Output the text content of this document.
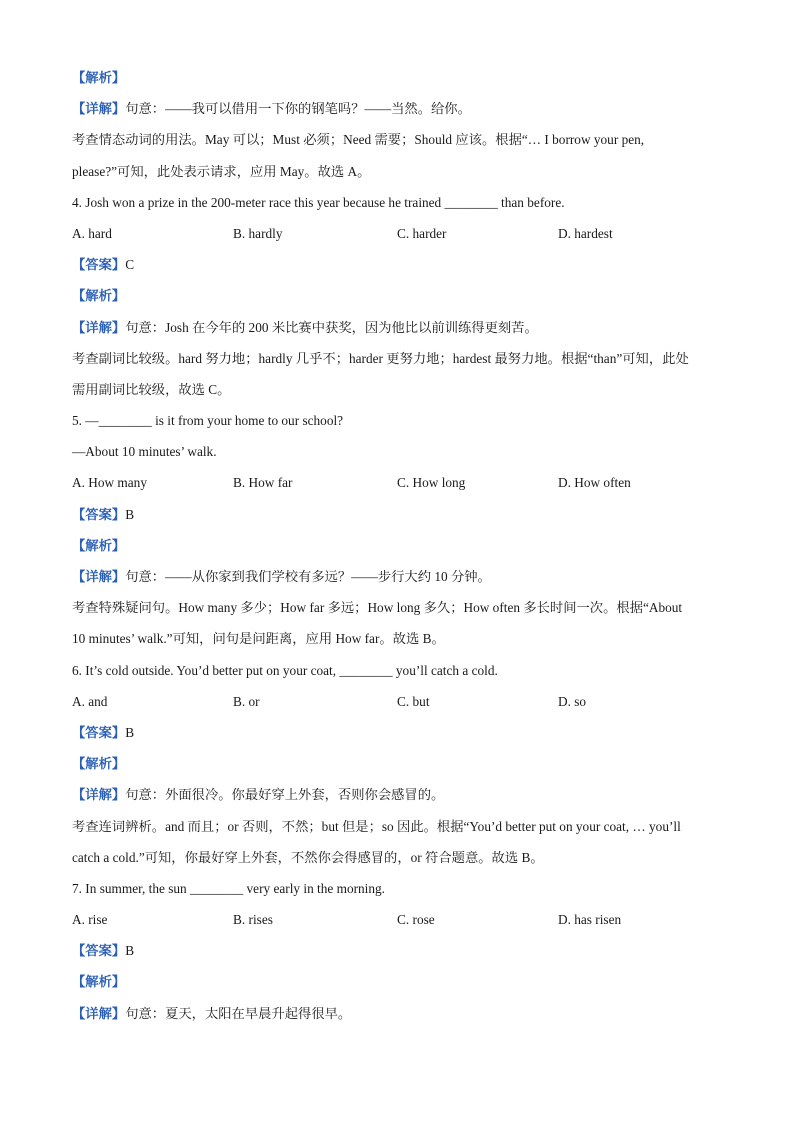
【解析】
【详解】句意：——我可以借用一下你的钢笔吗？——当然。给你。
考查情态动词的用法。May 可以；Must 必须；Need 需要；Should 应该。根据“… I borrow your pen,
please?”可知，此处表示请求，应用 May。故选 A。
4. Josh won a prize in the 200-meter race this year because he trained ________ than before.
A. hard	B. hardly	C. harder	D. hardest
【答案】C
【解析】
【详解】句意：Josh 在今年的 200 米比赛中获奖，因为他比以前训练得更刻苦。
考查副词比较级。hard 努力地；hardly 几乎不；harder 更努力地；hardest 最努力地。根据“than”可知，此处
需用副词比较级，故选 C。
5. —________ is it from your home to our school?
—About 10 minutes’ walk.
A. How many	B. How far	C. How long	D. How often
【答案】B
【解析】
【详解】句意：——从你家到我们学校有多远？——步行大约 10 分钟。
考查特殊疑问句。How many 多少；How far 多远；How long 多久；How often 多长时间一次。根据“About
10 minutes’ walk.”可知，问句是问距离，应用 How far。故选 B。
6. It’s cold outside. You’d better put on your coat, ________ you’ll catch a cold.
A. and	B. or	C. but	D. so
【答案】B
【解析】
【详解】句意：外面很冷。你最好穿上外套，否则你会感冒的。
考查连词辨析。and 而且；or 否则，不然；but 但是；so 因此。根据“You’d better put on your coat, … you’ll
catch a cold.”可知，你最好穿上外套，不然你会得感冒的，or 符合题意。故选 B。
7. In summer, the sun ________ very early in the morning.
A. rise	B. rises	C. rose	D. has risen
【答案】B
【解析】
【详解】句意：夏天，太阳在早晨升起得很早。
